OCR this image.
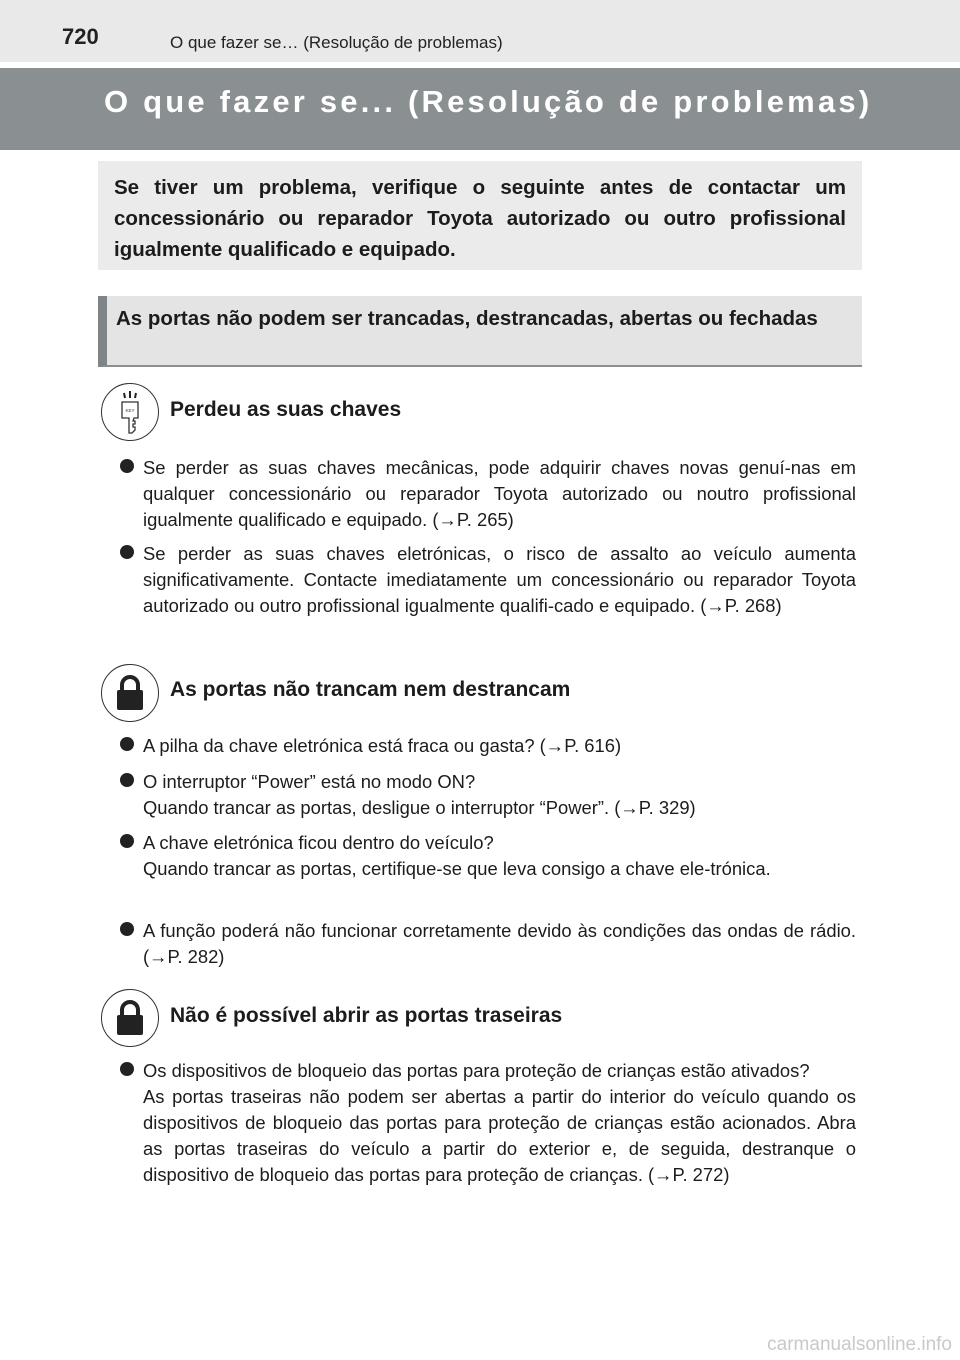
720	O que fazer se… (Resolução de problemas)
O que fazer se... (Resolução de problemas)

Se tiver um problema, verifique o seguinte antes de contactar um concessionário ou reparador Toyota autorizado ou outro profissional igualmente qualificado e equipado.

As portas não podem ser trancadas, destrancadas, abertas ou fechadas

KEY Perdeu as suas chaves
Se perder as suas chaves mecânicas, pode adquirir chaves novas genuí-nas em qualquer concessionário ou reparador Toyota autorizado ou noutro profissional igualmente qualificado e equipado. (→P. 265)
Se perder as suas chaves eletrónicas, o risco de assalto ao veículo aumenta significativamente. Contacte imediatamente um concessionário ou reparador Toyota autorizado ou outro profissional igualmente qualifi-cado e equipado. (→P. 268)
As portas não trancam nem destrancam
A pilha da chave eletrónica está fraca ou gasta? (→P. 616)
O interruptor “Power” está no modo ON?
Quando trancar as portas, desligue o interruptor “Power”. (→P. 329)
A chave eletrónica ficou dentro do veículo?
Quando trancar as portas, certifique-se que leva consigo a chave ele-trónica.
A função poderá não funcionar corretamente devido às condições das ondas de rádio. (→P. 282)
Não é possível abrir as portas traseiras
Os dispositivos de bloqueio das portas para proteção de crianças estão ativados?
As portas traseiras não podem ser abertas a partir do interior do veículo quando os dispositivos de bloqueio das portas para proteção de crianças estão acionados. Abra as portas traseiras do veículo a partir do exterior e, de seguida, destranque o dispositivo de bloqueio das portas para proteção de crianças. (→P. 272)
carmanualsonline.info
